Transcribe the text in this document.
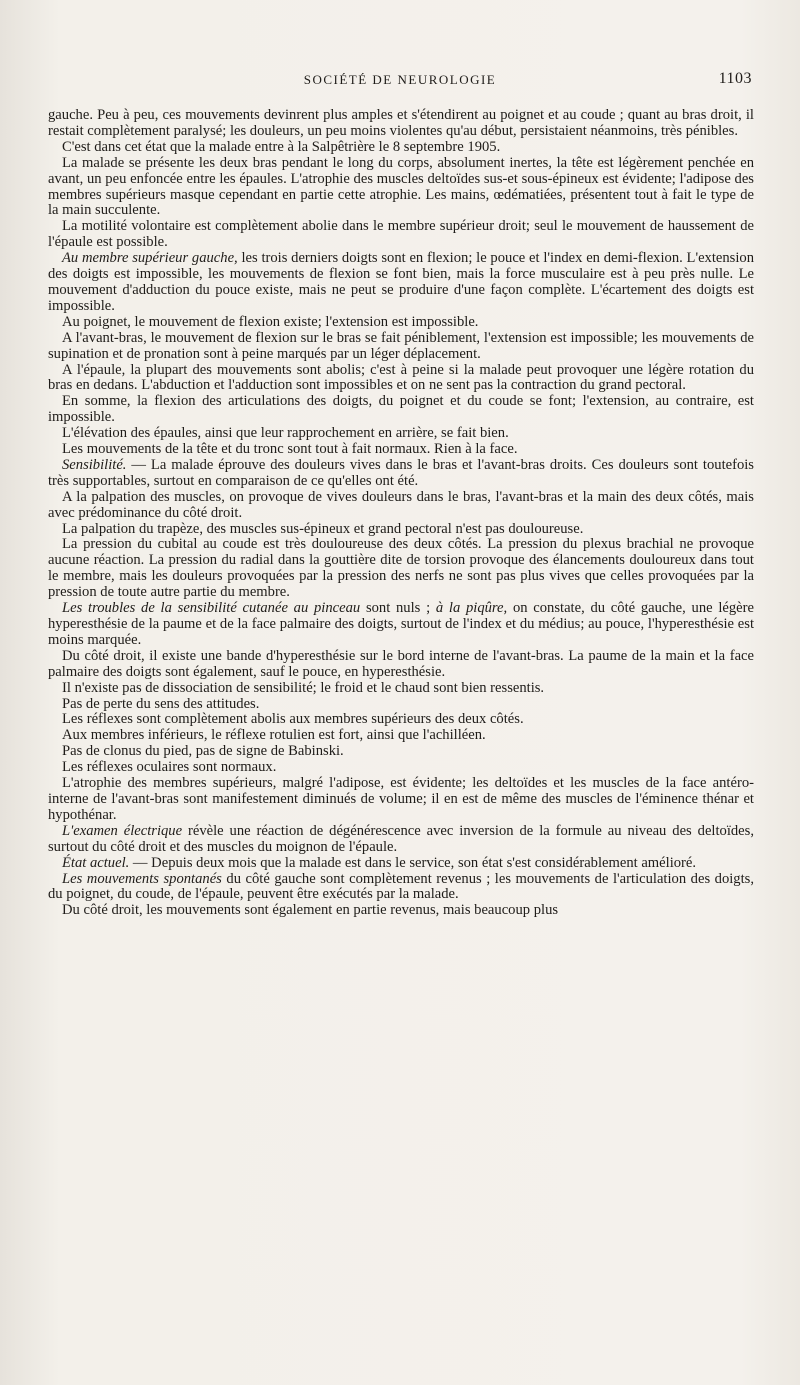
SOCIÉTÉ DE NEUROLOGIE	1103

gauche. Peu à peu, ces mouvements devinrent plus amples et s'étendirent au poignet et au coude ; quant au bras droit, il restait complètement paralysé; les douleurs, un peu moins violentes qu'au début, persistaient néanmoins, très pénibles.

C'est dans cet état que la malade entre à la Salpêtrière le 8 septembre 1905.

La malade se présente les deux bras pendant le long du corps, absolument inertes, la tête est légèrement penchée en avant, un peu enfoncée entre les épaules. L'atrophie des muscles deltoïdes sus-et sous-épineux est évidente; l'adipose des membres supérieurs masque cependant en partie cette atrophie. Les mains, œdématiées, présentent tout à fait le type de la main succulente.

La motilité volontaire est complètement abolie dans le membre supérieur droit; seul le mouvement de haussement de l'épaule est possible.

Au membre supérieur gauche, les trois derniers doigts sont en flexion; le pouce et l'index en demi-flexion. L'extension des doigts est impossible, les mouvements de flexion se font bien, mais la force musculaire est à peu près nulle. Le mouvement d'adduction du pouce existe, mais ne peut se produire d'une façon complète. L'écartement des doigts est impossible.

Au poignet, le mouvement de flexion existe; l'extension est impossible.

A l'avant-bras, le mouvement de flexion sur le bras se fait péniblement, l'extension est impossible; les mouvements de supination et de pronation sont à peine marqués par un léger déplacement.

A l'épaule, la plupart des mouvements sont abolis; c'est à peine si la malade peut provoquer une légère rotation du bras en dedans. L'abduction et l'adduction sont impossibles et on ne sent pas la contraction du grand pectoral.

En somme, la flexion des articulations des doigts, du poignet et du coude se font; l'extension, au contraire, est impossible.

L'élévation des épaules, ainsi que leur rapprochement en arrière, se fait bien.

Les mouvements de la tête et du tronc sont tout à fait normaux. Rien à la face.

Sensibilité. — La malade éprouve des douleurs vives dans le bras et l'avant-bras droits. Ces douleurs sont toutefois très supportables, surtout en comparaison de ce qu'elles ont été.

A la palpation des muscles, on provoque de vives douleurs dans le bras, l'avant-bras et la main des deux côtés, mais avec prédominance du côté droit.

La palpation du trapèze, des muscles sus-épineux et grand pectoral n'est pas douloureuse.

La pression du cubital au coude est très douloureuse des deux côtés. La pression du plexus brachial ne provoque aucune réaction. La pression du radial dans la gouttière dite de torsion provoque des élancements douloureux dans tout le membre, mais les douleurs provoquées par la pression des nerfs ne sont pas plus vives que celles provoquées par la pression de toute autre partie du membre.

Les troubles de la sensibilité cutanée au pinceau sont nuls ; à la piqûre, on constate, du côté gauche, une légère hyperesthésie de la paume et de la face palmaire des doigts, surtout de l'index et du médius; au pouce, l'hyperesthésie est moins marquée.

Du côté droit, il existe une bande d'hyperesthésie sur le bord interne de l'avant-bras. La paume de la main et la face palmaire des doigts sont également, sauf le pouce, en hyperesthésie.

Il n'existe pas de dissociation de sensibilité; le froid et le chaud sont bien ressentis.

Pas de perte du sens des attitudes.

Les réflexes sont complètement abolis aux membres supérieurs des deux côtés.

Aux membres inférieurs, le réflexe rotulien est fort, ainsi que l'achilléen.

Pas de clonus du pied, pas de signe de Babinski.

Les réflexes oculaires sont normaux.

L'atrophie des membres supérieurs, malgré l'adipose, est évidente; les deltoïdes et les muscles de la face antéro-interne de l'avant-bras sont manifestement diminués de volume; il en est de même des muscles de l'éminence thénar et hypothénar.

L'examen électrique révèle une réaction de dégénérescence avec inversion de la formule au niveau des deltoïdes, surtout du côté droit et des muscles du moignon de l'épaule.

État actuel. — Depuis deux mois que la malade est dans le service, son état s'est considérablement amélioré.

Les mouvements spontanés du côté gauche sont complètement revenus ; les mouvements de l'articulation des doigts, du poignet, du coude, de l'épaule, peuvent être exécutés par la malade.

Du côté droit, les mouvements sont également en partie revenus, mais beaucoup plus
